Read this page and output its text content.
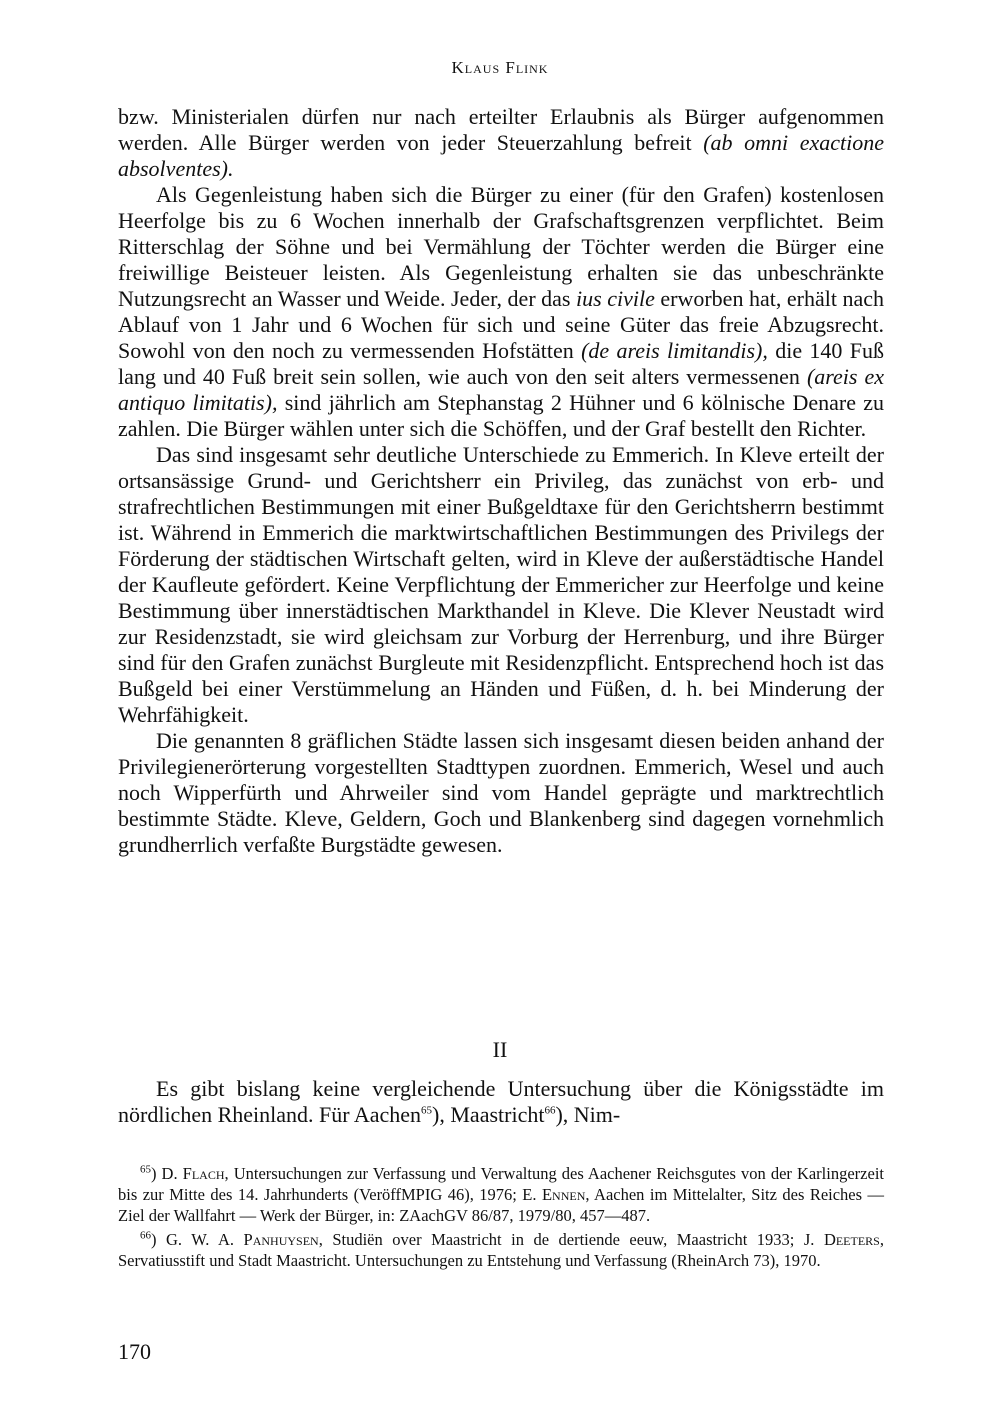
Klaus Flink

bzw. Ministerialen dürfen nur nach erteilter Erlaubnis als Bürger aufgenommen werden. Alle Bürger werden von jeder Steuerzahlung befreit (ab omni exactione absolventes).

Als Gegenleistung haben sich die Bürger zu einer (für den Grafen) kostenlosen Heerfolge bis zu 6 Wochen innerhalb der Grafschaftsgrenzen verpflichtet. Beim Ritterschlag der Söhne und bei Vermählung der Töchter werden die Bürger eine freiwillige Beisteuer leisten. Als Gegenleistung erhalten sie das unbeschränkte Nutzungsrecht an Wasser und Weide. Jeder, der das ius civile erworben hat, erhält nach Ablauf von 1 Jahr und 6 Wochen für sich und seine Güter das freie Abzugsrecht. Sowohl von den noch zu vermessenden Hofstätten (de areis limitandis), die 140 Fuß lang und 40 Fuß breit sein sollen, wie auch von den seit alters vermessenen (areis ex antiquo limitatis), sind jährlich am Stephanstag 2 Hühner und 6 kölnische Denare zu zahlen. Die Bürger wählen unter sich die Schöffen, und der Graf bestellt den Richter.

Das sind insgesamt sehr deutliche Unterschiede zu Emmerich. In Kleve erteilt der ortsansässige Grund- und Gerichtsherr ein Privileg, das zunächst von erb- und strafrechtlichen Bestimmungen mit einer Bußgeldtaxe für den Gerichtsherrn bestimmt ist. Während in Emmerich die marktwirtschaftlichen Bestimmungen des Privilegs der Förderung der städtischen Wirtschaft gelten, wird in Kleve der außerstädtische Handel der Kaufleute gefördert. Keine Verpflichtung der Emmericher zur Heerfolge und keine Bestimmung über innerstädtischen Markthandel in Kleve. Die Klever Neustadt wird zur Residenzstadt, sie wird gleichsam zur Vorburg der Herrenburg, und ihre Bürger sind für den Grafen zunächst Burgleute mit Residenzpflicht. Entsprechend hoch ist das Bußgeld bei einer Verstümmelung an Händen und Füßen, d. h. bei Minderung der Wehrfähigkeit.

Die genannten 8 gräflichen Städte lassen sich insgesamt diesen beiden anhand der Privilegienerörterung vorgestellten Stadttypen zuordnen. Emmerich, Wesel und auch noch Wipperfürth und Ahrweiler sind vom Handel geprägte und marktrechtlich bestimmte Städte. Kleve, Geldern, Goch und Blankenberg sind dagegen vornehmlich grundherrlich verfaßte Burgstädte gewesen.

II

Es gibt bislang keine vergleichende Untersuchung über die Königsstädte im nördlichen Rheinland. Für Aachen$^{65}$), Maastricht$^{66}$), Nim-

$^{65}$) D. Flach, Untersuchungen zur Verfassung und Verwaltung des Aachener Reichsgutes von der Karlingerzeit bis zur Mitte des 14. Jahrhunderts (VeröffMPIG 46), 1976; E. Ennen, Aachen im Mittelalter, Sitz des Reiches — Ziel der Wallfahrt — Werk der Bürger, in: ZAachGV 86/87, 1979/80, 457—487.

$^{66}$) G. W. A. Panhuysen, Studiën over Maastricht in de dertiende eeuw, Maastricht 1933; J. Deeters, Servatiusstift und Stadt Maastricht. Untersuchungen zu Entstehung und Verfassung (RheinArch 73), 1970.

170
